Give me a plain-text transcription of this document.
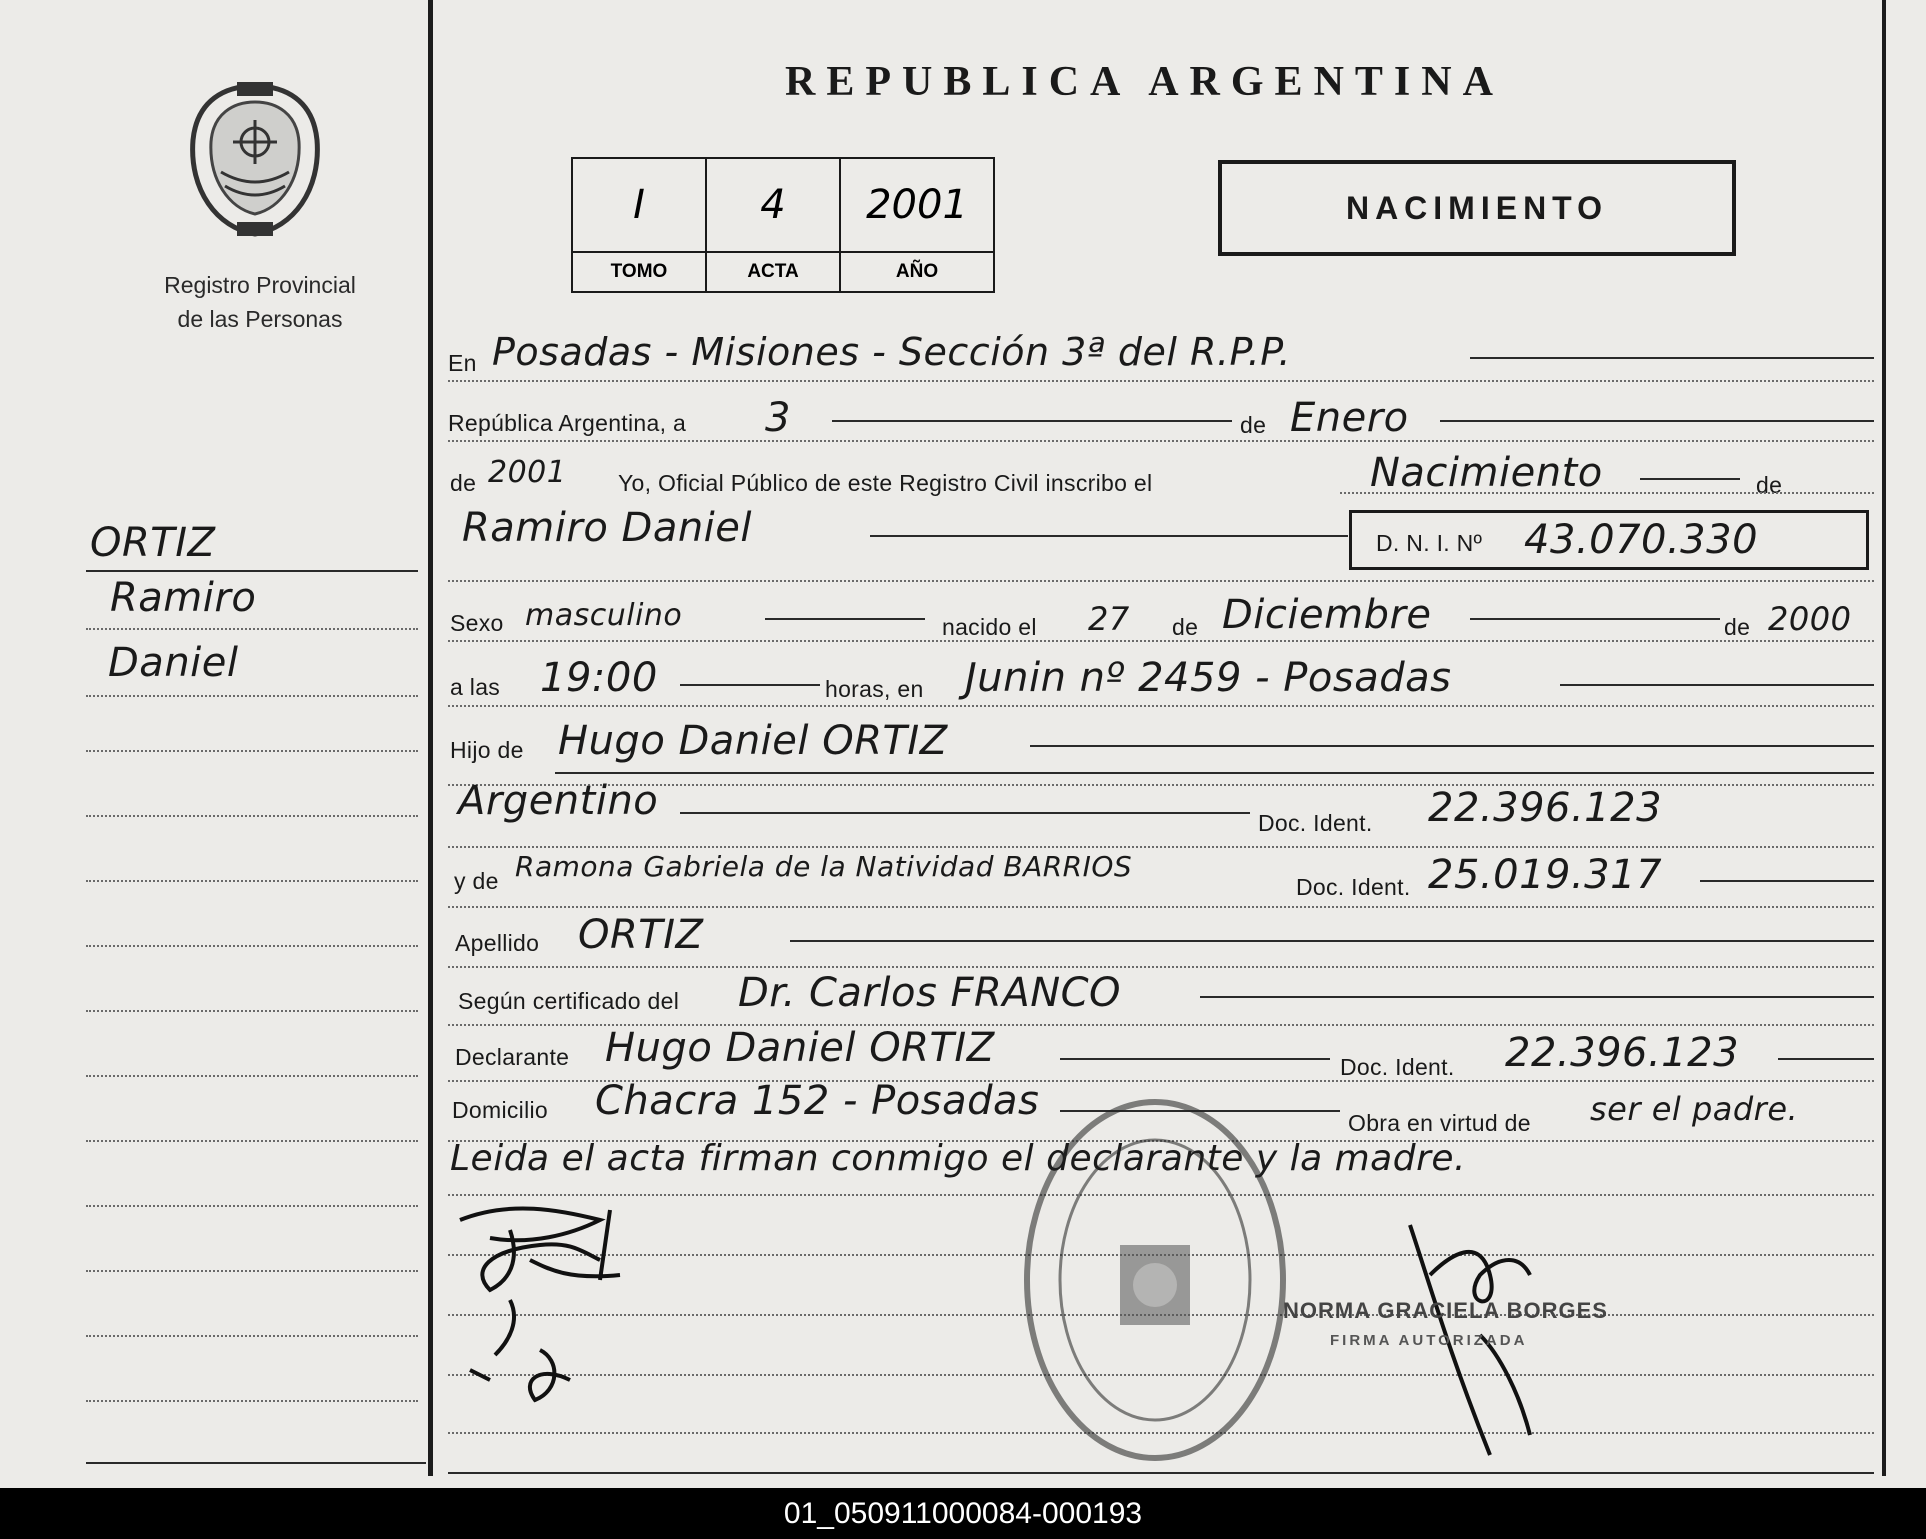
Registro Provincial
de las Personas
ORTIZ
Ramiro
Daniel
REPUBLICA ARGENTINA
I	4	2001
TOMO	ACTA	AÑO
NACIMIENTO
En Posadas - Misiones - Sección 3ª del R.P.P.
República Argentina, a 3	de Enero
de 2001 Yo, Oficial Público de este Registro Civil inscribo el	Nacimiento	de
Ramiro Daniel	D. N. I. Nº 43.070.330
Sexo masculino	nacido el 27 de Diciembre	de 2000
a las 19:00	horas, en Junin nº 2459 - Posadas
Hijo de Hugo Daniel ORTIZ
Argentino	Doc. Ident. 22.396.123
y de Ramona Gabriela de la Natividad BARRIOS
Doc. Ident. 25.019.317
Apellido ORTIZ
Según certificado del Dr. Carlos FRANCO
Declarante Hugo Daniel ORTIZ	Doc. Ident. 22.396.123
Domicilio Chacra 152 - Posadas	Obra en virtud de ser el padre.
Leida el acta firman conmigo el declarante y la madre.
NORMA GRACIELA BORGES
FIRMA AUTORIZADA
01_050911000084-000193
